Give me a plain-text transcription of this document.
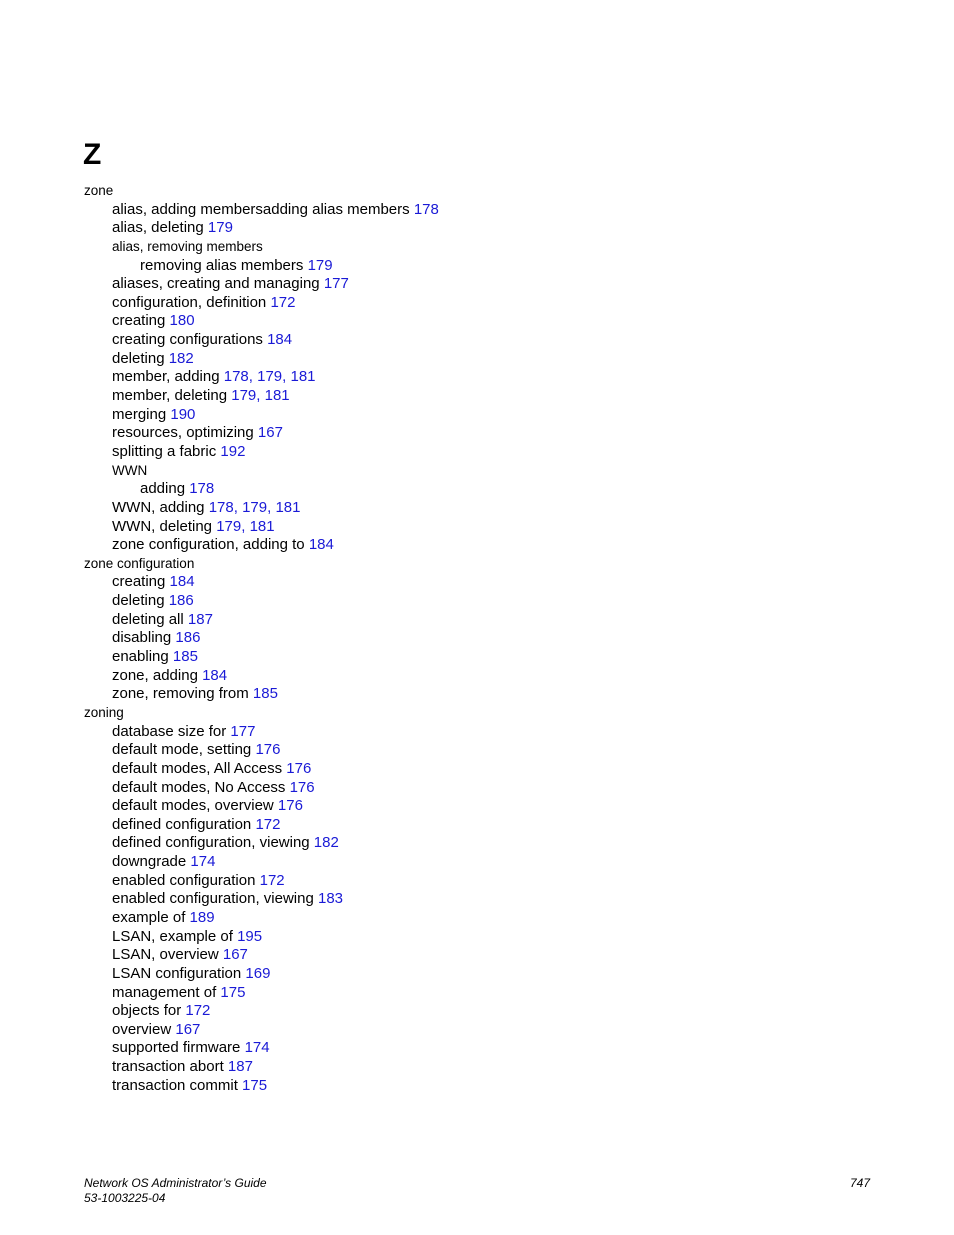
Z
zone
alias, adding membersadding alias members 178
alias, deleting 179
alias, removing members
removing alias members 179
aliases, creating and managing 177
configuration, definition 172
creating 180
creating configurations 184
deleting 182
member, adding 178, 179, 181
member, deleting 179, 181
merging 190
resources, optimizing 167
splitting a fabric 192
WWN
adding 178
WWN, adding 178, 179, 181
WWN, deleting 179, 181
zone configuration, adding to 184
zone configuration
creating 184
deleting 186
deleting all 187
disabling 186
enabling 185
zone, adding 184
zone, removing from 185
zoning
database size for 177
default mode, setting 176
default modes, All Access 176
default modes, No Access 176
default modes, overview 176
defined configuration 172
defined configuration, viewing 182
downgrade 174
enabled configuration 172
enabled configuration, viewing 183
example of 189
LSAN, example of 195
LSAN, overview 167
LSAN configuration 169
management of 175
objects for 172
overview 167
supported firmware 174
transaction abort 187
transaction commit 175
Network OS Administrator’s Guide
53-1003225-04
747
